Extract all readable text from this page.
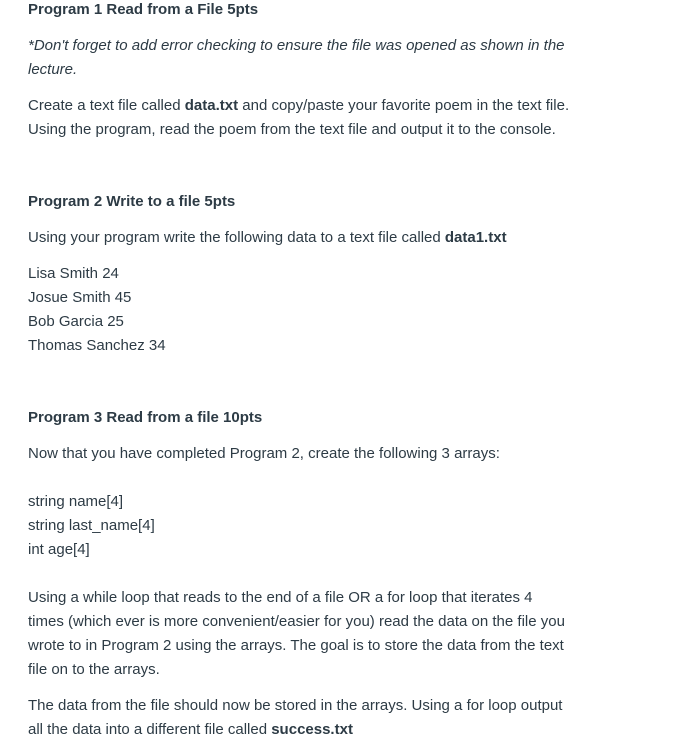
Program 1 Read from a File 5pts
*Don't forget to add error checking to ensure the file was opened as shown in the
lecture.
Create a text file called data.txt and copy/paste your favorite poem in the text file.
Using the program, read the poem from the text file and output it to the console.
Program 2 Write to a file 5pts
Using your program write the following data to a text file called data1.txt
Lisa Smith 24
Josue Smith 45
Bob Garcia 25
Thomas Sanchez 34
Program 3 Read from a file 10pts
Now that you have completed Program 2, create the following 3 arrays:
string name[4]
string last_name[4]
int age[4]
Using a while loop that reads to the end of a file OR a for loop that iterates 4
times (which ever is more convenient/easier for you) read the data on the file you
wrote to in Program 2 using the arrays. The goal is to store the data from the text
file on to the arrays.
The data from the file should now be stored in the arrays. Using a for loop output
all the data into a different file called success.txt
